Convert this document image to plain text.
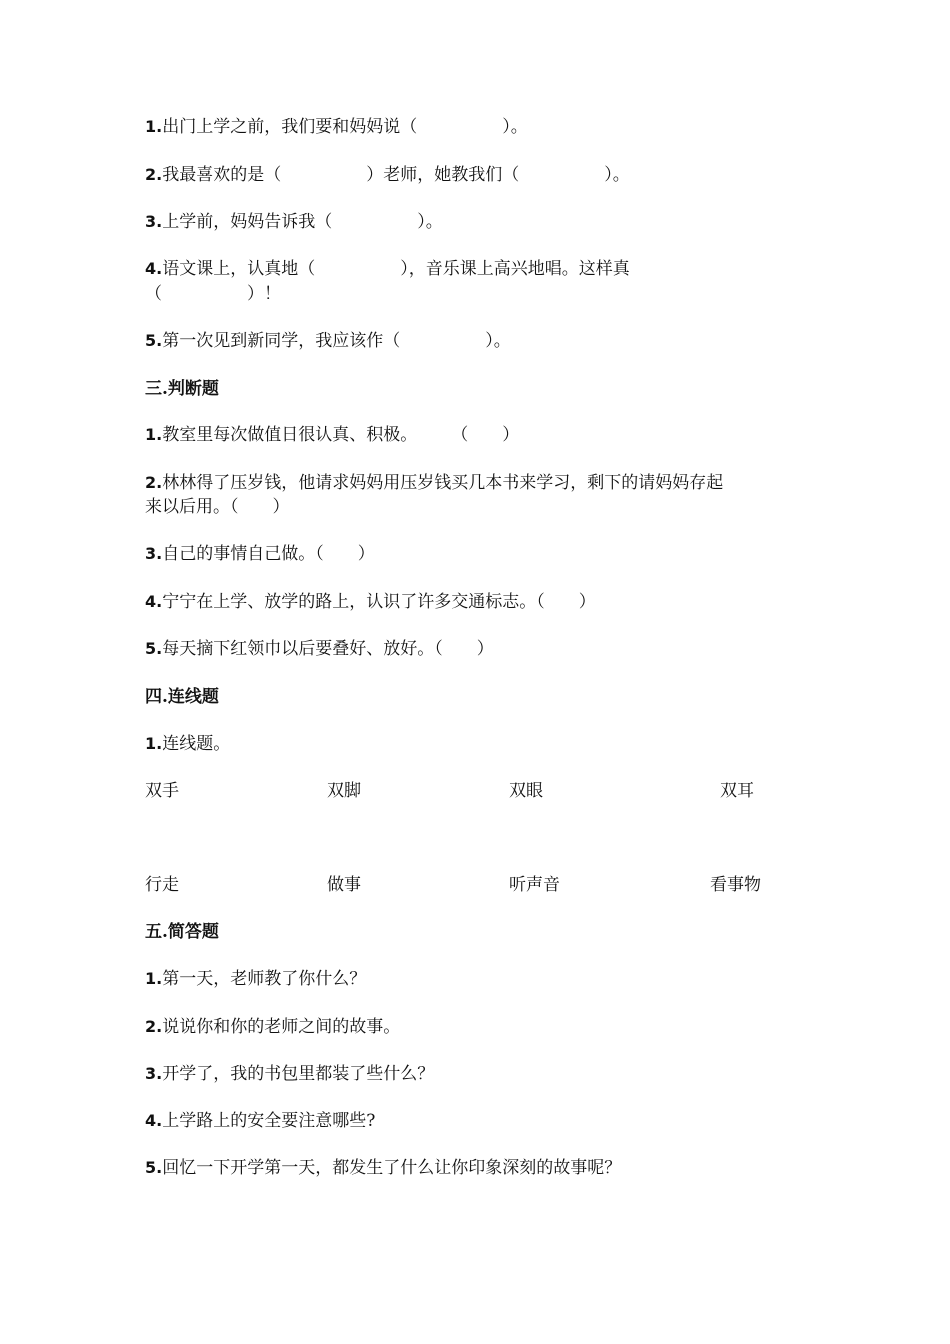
1.出门上学之前，我们要和妈妈说（　　　　　）。
2.我最喜欢的是（　　　　　）老师，她教我们（　　　　　）。
3.上学前，妈妈告诉我（　　　　　）。
4.语文课上，认真地（　　　　　），音乐课上高兴地唱。这样真
（　　　　　）！
5.第一次见到新同学，我应该作（　　　　　）。
三.判断题
1.教室里每次做值日很认真、积极。　　　（　　）
2.林林得了压岁钱，他请求妈妈用压岁钱买几本书来学习，剩下的请妈妈存起
来以后用。（　　）
3.自己的事情自己做。（　　）
4.宁宁在上学、放学的路上，认识了许多交通标志。（　　）
5.每天摘下红领巾以后要叠好、放好。（　　）
四.连线题
1.连线题。
双手	双脚	双眼	双耳
行走	做事	听声音	看事物
五.简答题
1.第一天，老师教了你什么？
2.说说你和你的老师之间的故事。
3.开学了，我的书包里都装了些什么？
4.上学路上的安全要注意哪些?
5.回忆一下开学第一天，都发生了什么让你印象深刻的故事呢？
